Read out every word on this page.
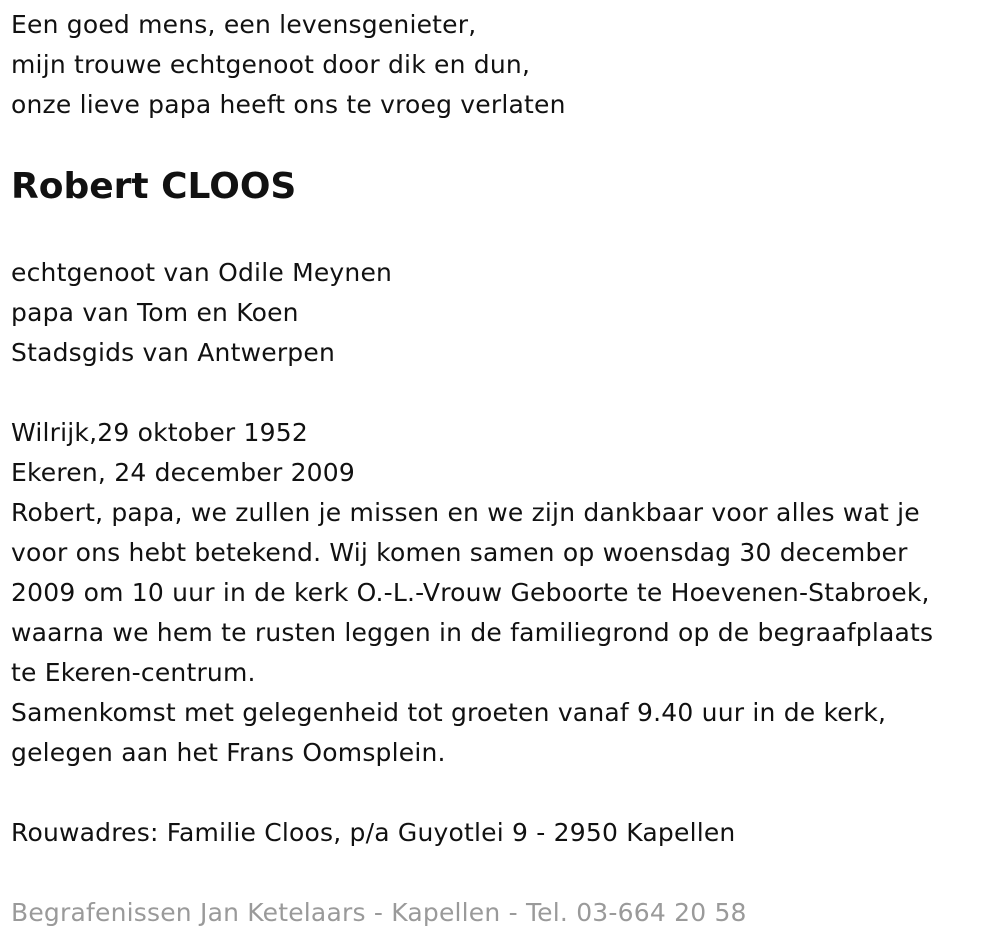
Een goed mens, een levensgenieter,
mijn trouwe echtgenoot door dik en dun,
onze lieve papa heeft ons te vroeg verlaten
Robert CLOOS
echtgenoot van Odile Meynen
papa van Tom en Koen
Stadsgids van Antwerpen
Wilrijk,29 oktober 1952
Ekeren, 24 december 2009
Robert, papa, we zullen je missen en we zijn dankbaar voor alles wat je
voor ons hebt betekend. Wij komen samen op woensdag 30 december
2009 om 10 uur in de kerk O.-L.-Vrouw Geboorte te Hoevenen-Stabroek,
waarna we hem te rusten leggen in de familiegrond op de begraafplaats
te Ekeren-centrum.
Samenkomst met gelegenheid tot groeten vanaf 9.40 uur in de kerk,
gelegen aan het Frans Oomsplein.
Rouwadres: Familie Cloos, p/a Guyotlei 9 - 2950 Kapellen
Begrafenissen Jan Ketelaars - Kapellen - Tel. 03-664 20 58
